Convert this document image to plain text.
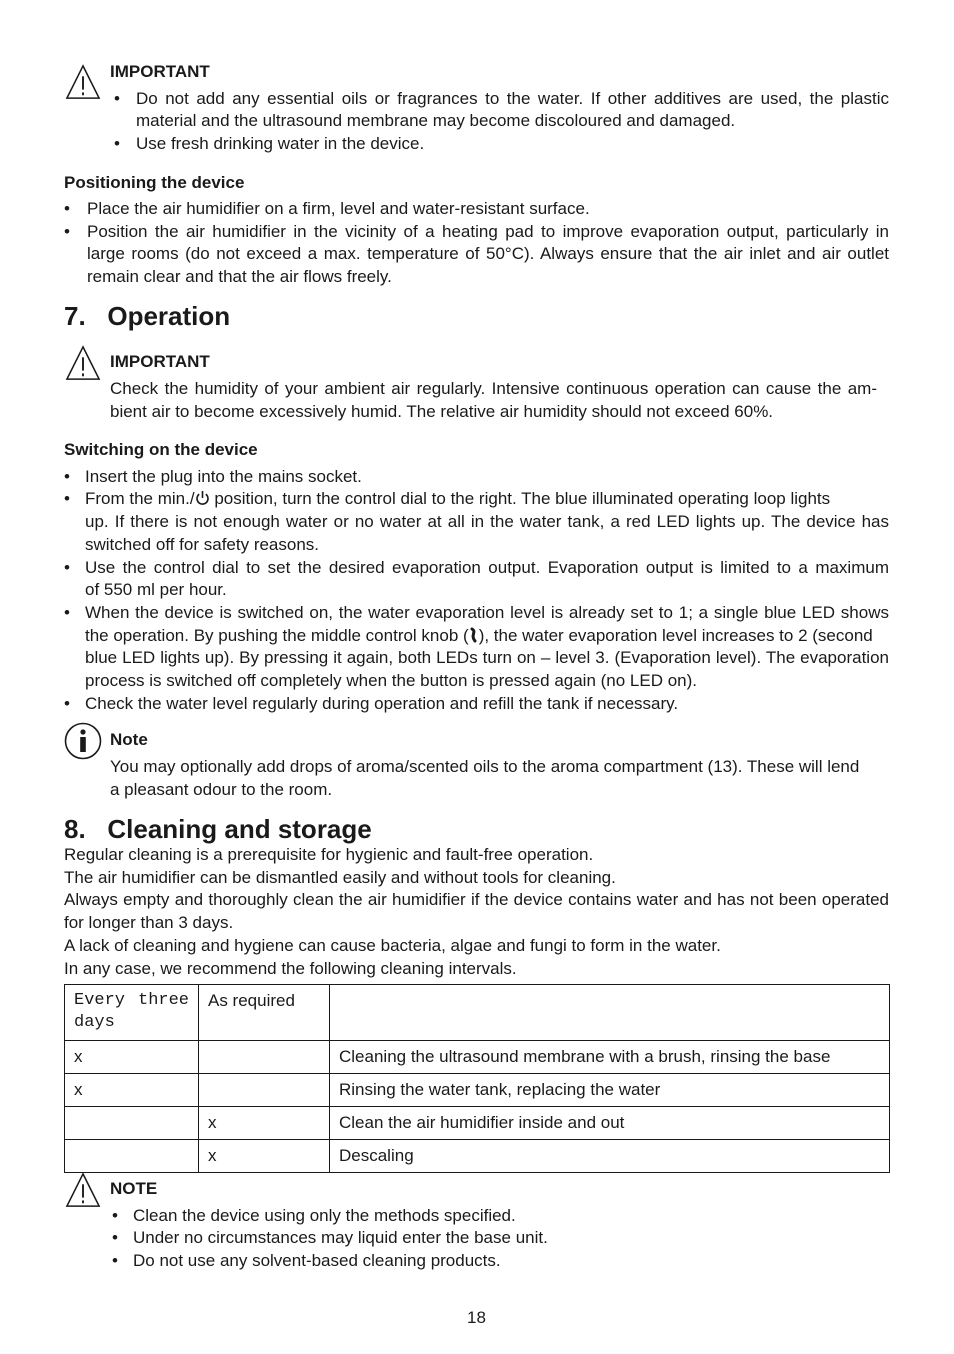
IMPORTANT
• Do not add any essential oils or fragrances to the water. If other additives are used, the plastic
material and the ultrasound membrane may become discoloured and damaged.
• Use fresh drinking water in the device.
Positioning the device
• Place the air humidifier on a firm, level and water-resistant surface.
• Position the air humidifier in the vicinity of a heating pad to improve evaporation output, particularly in
large rooms (do not exceed a max. temperature of 50°C). Always ensure that the air inlet and air outlet
remain clear and that the air flows freely.
7.   Operation
IMPORTANT
Check the humidity of your ambient air regularly. Intensive continuous operation can cause the am-
bient air to become excessively humid. The relative air humidity should not exceed 60%.
Switching on the device
• Insert the plug into the mains socket.
• From the min./ position, turn the control dial to the right. The blue illuminated operating loop lights
up. If there is not enough water or no water at all in the water tank, a red LED lights up. The device has
switched off for safety reasons.
• Use the control dial to set the desired evaporation output. Evaporation output is limited to a maximum
of 550 ml per hour.
• When the device is switched on, the water evaporation level is already set to 1; a single blue LED shows
the operation. By pushing the middle control knob ( ), the water evaporation level increases to 2 (second
blue LED lights up). By pressing it again, both LEDs turn on – level 3. (Evaporation level). The evaporation
process is switched off completely when the button is pressed again (no LED on).
• Check the water level regularly during operation and refill the tank if necessary.
Note
You may optionally add drops of aroma/scented oils to the aroma compartment (13). These will lend
a pleasant odour to the room.
8.   Cleaning and storage
Regular cleaning is a prerequisite for hygienic and fault-free operation.
The air humidifier can be dismantled easily and without tools for cleaning.
Always empty and thoroughly clean the air humidifier if the device contains water and has not been operated
for longer than 3 days.
A lack of cleaning and hygiene can cause bacteria, algae and fungi to form in the water.
In any case, we recommend the following cleaning intervals.
Every three days	As required	
x		Cleaning the ultrasound membrane with a brush, rinsing the base
x		Rinsing the water tank, replacing the water
	x	Clean the air humidifier inside and out
	x	Descaling
NOTE
• Clean the device using only the methods specified.
• Under no circumstances may liquid enter the base unit.
• Do not use any solvent-based cleaning products.
18
